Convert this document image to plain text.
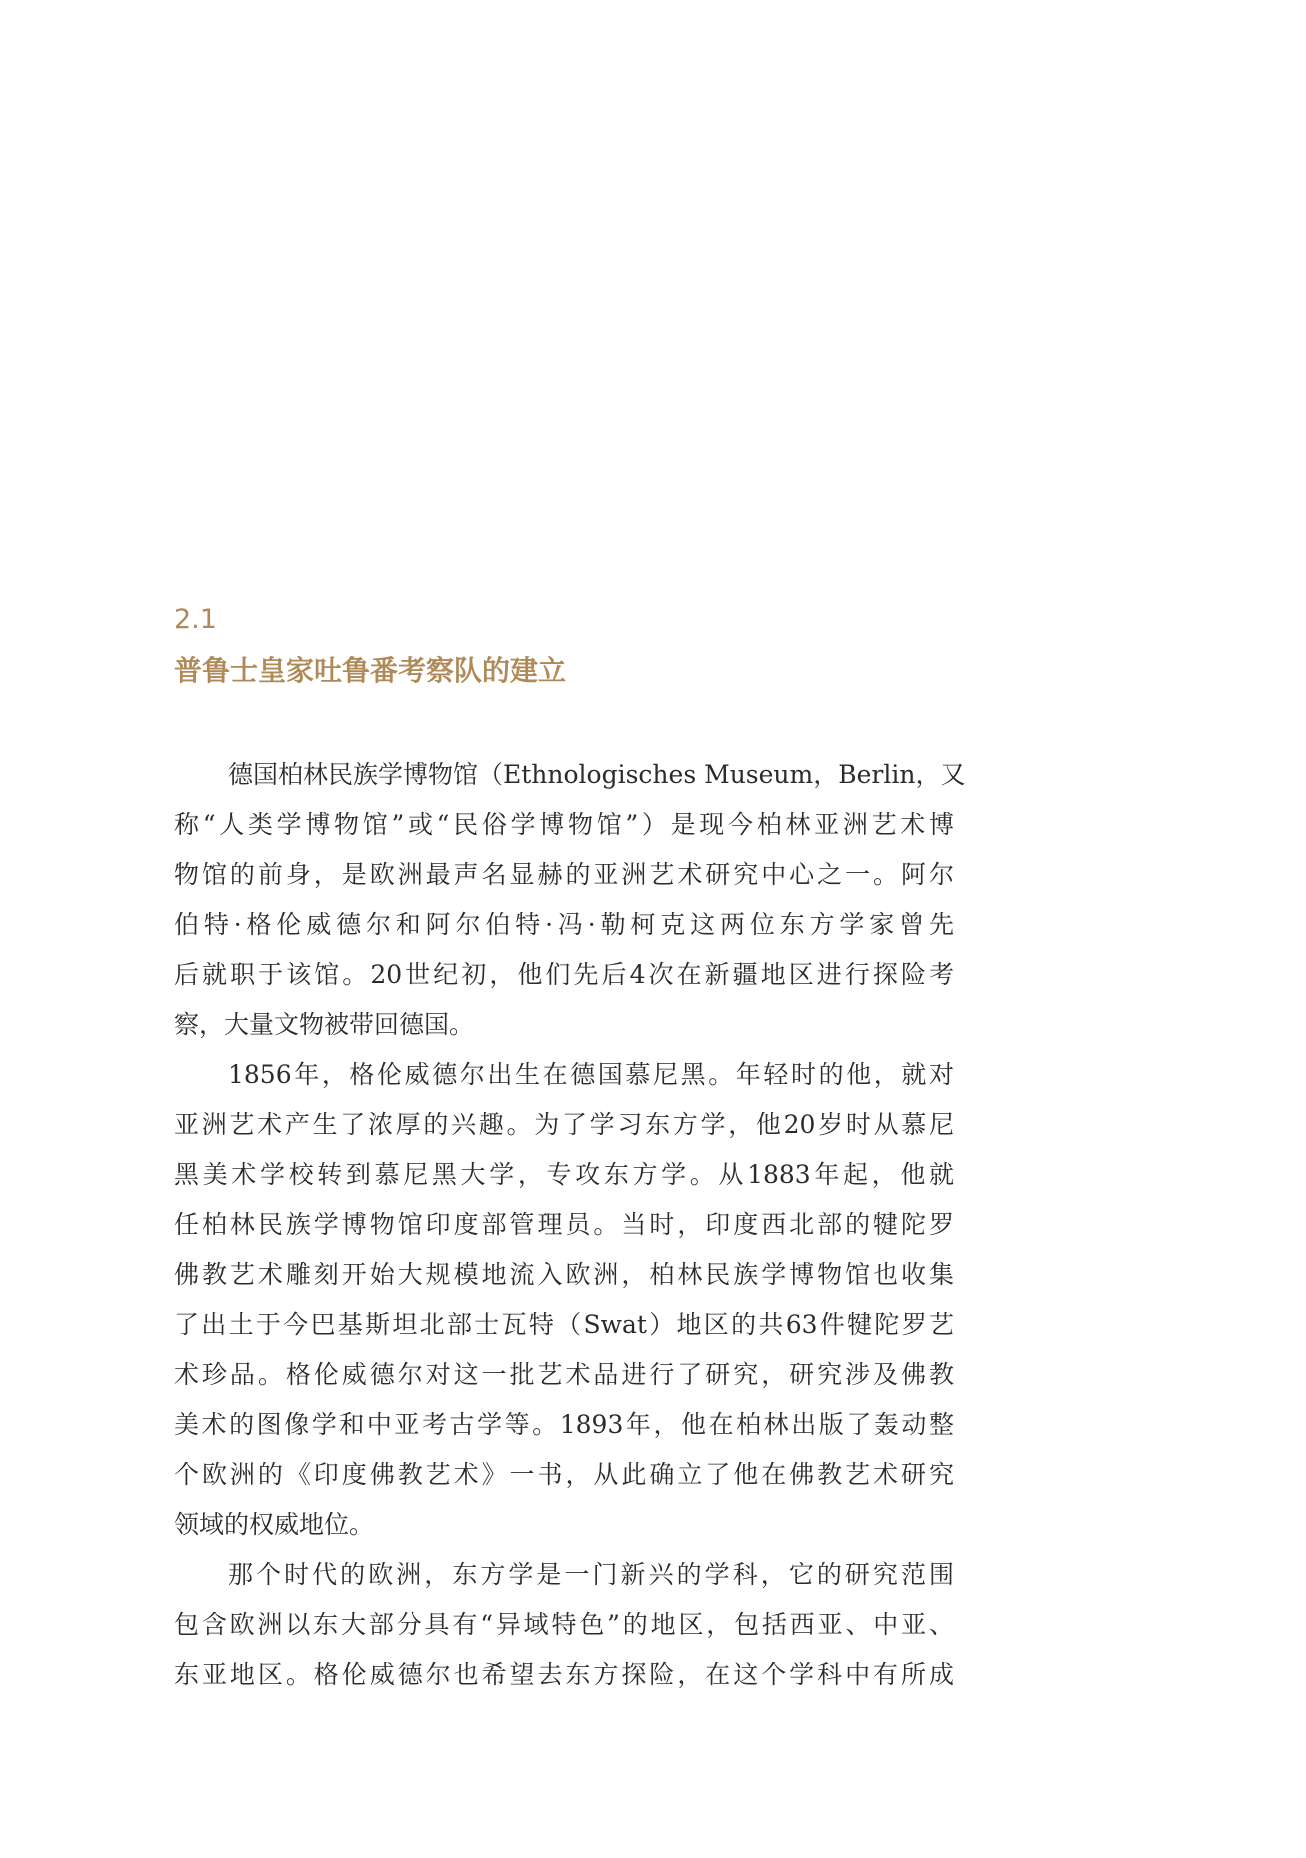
2.1
普鲁士皇家吐鲁番考察队的建立
德国柏林民族学博物馆（Ethnologisches Museum，Berlin，又
称“人类学博物馆”或“民俗学博物馆”）是现今柏林亚洲艺术博
物馆的前身，是欧洲最声名显赫的亚洲艺术研究中心之一。阿尔
伯特·格伦威德尔和阿尔伯特·冯·勒柯克这两位东方学家曾先
后就职于该馆。20世纪初，他们先后4次在新疆地区进行探险考
察，大量文物被带回德国。
1856年，格伦威德尔出生在德国慕尼黑。年轻时的他，就对
亚洲艺术产生了浓厚的兴趣。为了学习东方学，他20岁时从慕尼
黑美术学校转到慕尼黑大学，专攻东方学。从1883年起，他就
任柏林民族学博物馆印度部管理员。当时，印度西北部的犍陀罗
佛教艺术雕刻开始大规模地流入欧洲，柏林民族学博物馆也收集
了出土于今巴基斯坦北部士瓦特（Swat）地区的共63件犍陀罗艺
术珍品。格伦威德尔对这一批艺术品进行了研究，研究涉及佛教
美术的图像学和中亚考古学等。1893年，他在柏林出版了轰动整
个欧洲的《印度佛教艺术》一书，从此确立了他在佛教艺术研究
领域的权威地位。
那个时代的欧洲，东方学是一门新兴的学科，它的研究范围
包含欧洲以东大部分具有“异域特色”的地区，包括西亚、中亚、
东亚地区。格伦威德尔也希望去东方探险，在这个学科中有所成
